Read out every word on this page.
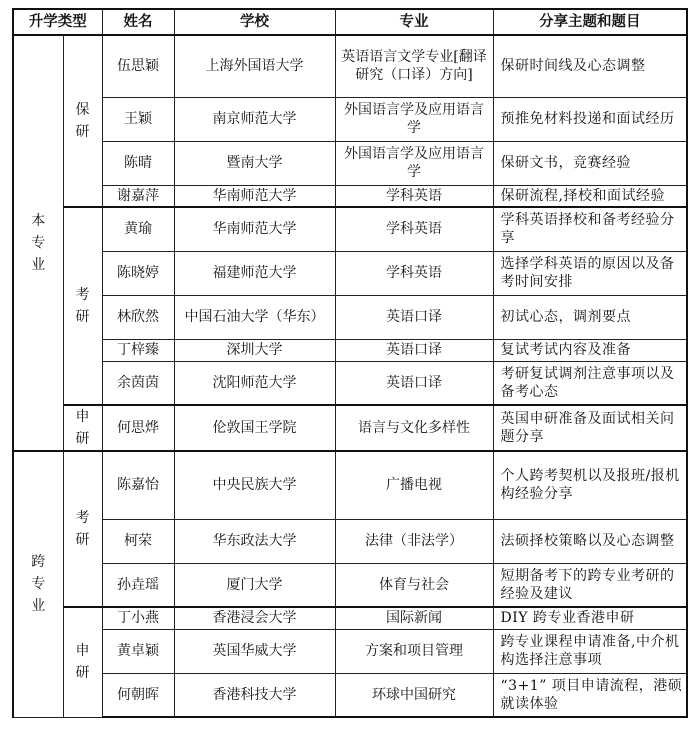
升学类型		姓名	学校	专业	分享主题和题目
本专业	保研	伍思颖	上海外国语大学	英语语言文学专业[翻译研究（口译）方向]	保研时间线及心态调整
		王颖	南京师范大学	外国语言学及应用语言学	预推免材料投递和面试经历
		陈晴	暨南大学	外国语言学及应用语言学	保研文书，竞赛经验
		谢嘉萍	华南师范大学	学科英语	保研流程,择校和面试经验
	考研	黄瑜	华南师范大学	学科英语	学科英语择校和备考经验分享
		陈晓婷	福建师范大学	学科英语	选择学科英语的原因以及备考时间安排
		林欣然	中国石油大学（华东）	英语口译	初试心态，调剂要点
		丁梓臻	深圳大学	英语口译	复试考试内容及准备
		余茵茵	沈阳师范大学	英语口译	考研复试调剂注意事项以及备考心态
	申研	何思烨	伦敦国王学院	语言与文化多样性	英国申研准备及面试相关问题分享
跨专业	考研	陈嘉怡	中央民族大学	广播电视	个人跨考契机以及报班/报机构经验分享
		柯荣	华东政法大学	法律（非法学）	法硕择校策略以及心态调整
		孙垚瑶	厦门大学	体育与社会	短期备考下的跨专业考研的经验及建议
	申研	丁小燕	香港浸会大学	国际新闻	DIY 跨专业香港申研
		黄卓颖	英国华威大学	方案和项目管理	跨专业课程申请准备,中介机构选择注意事项
		何朝晖	香港科技大学	环球中国研究	“3+1” 项目申请流程，港硕就读体验
